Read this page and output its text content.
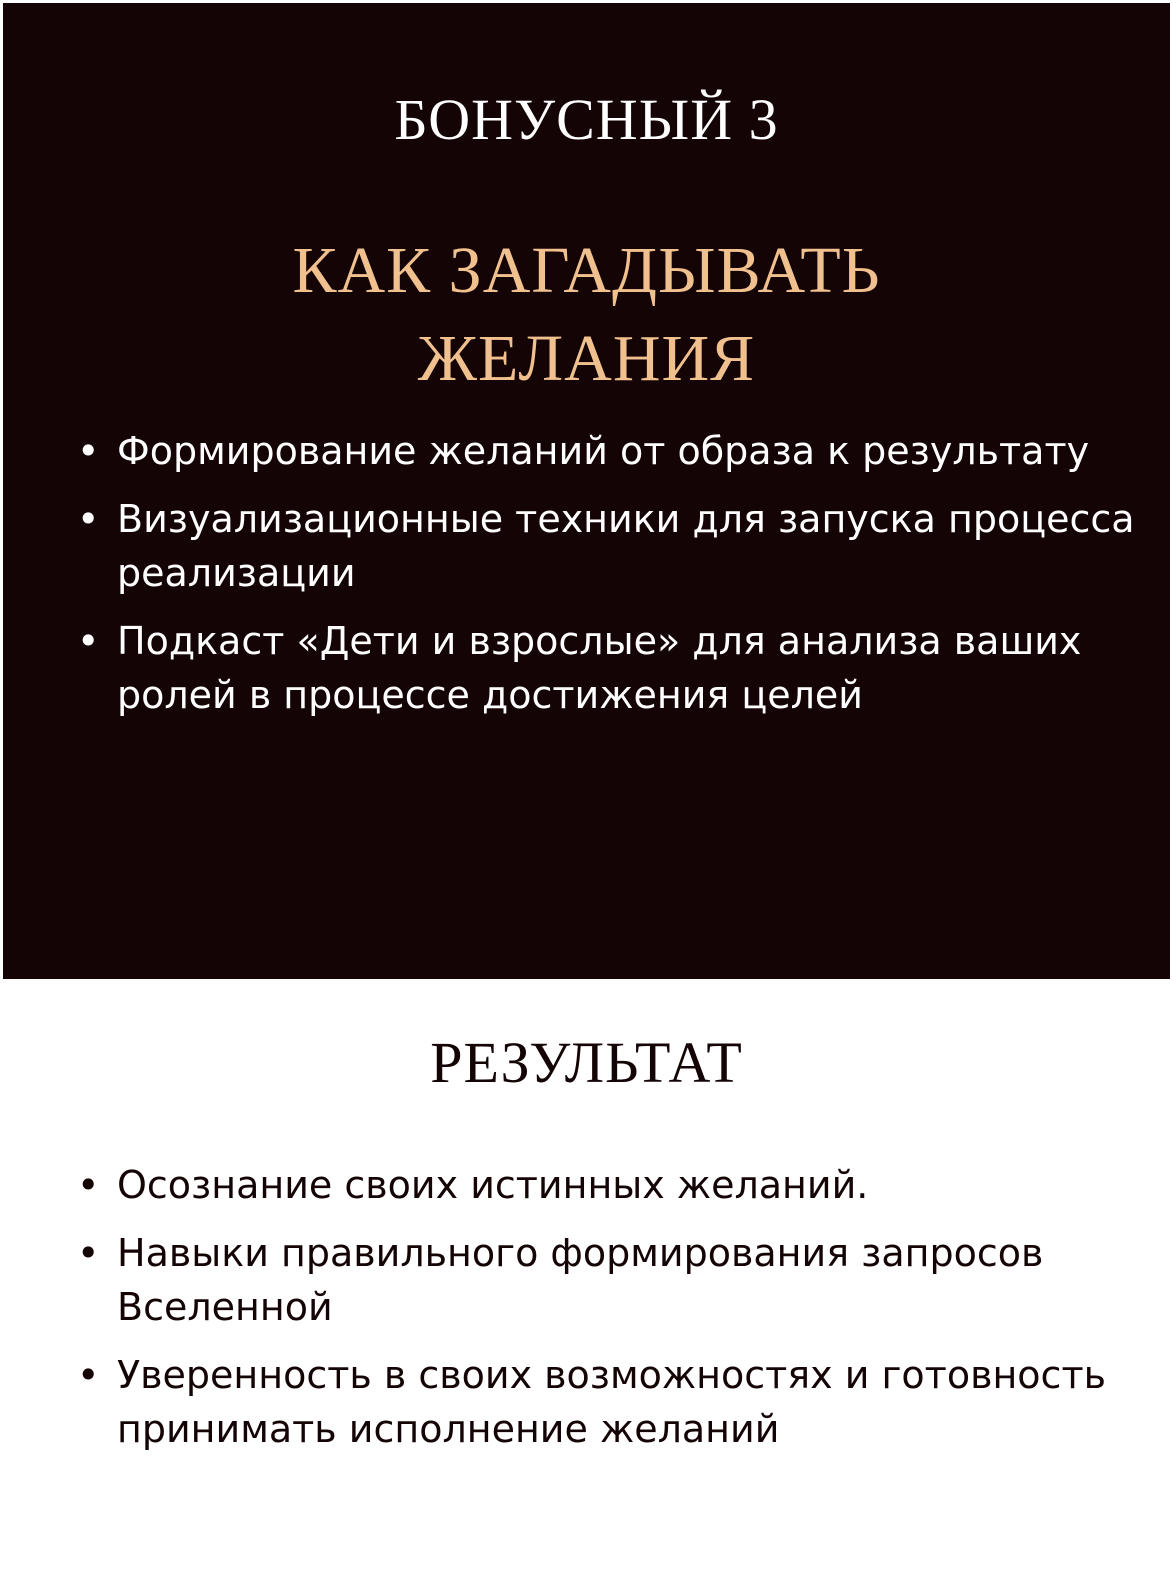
БОНУСНЫЙ 3
КАК ЗАГАДЫВАТЬ ЖЕЛАНИЯ
• Формирование желаний от образа к результату
• Визуализационные техники для запуска процесса реализации
• Подкаст «Дети и взрослые» для анализа ваших ролей в процессе достижения целей
РЕЗУЛЬТАТ
• Осознание своих истинных желаний.
• Навыки правильного формирования запросов Вселенной
• Уверенность в своих возможностях и готовность принимать исполнение желаний
